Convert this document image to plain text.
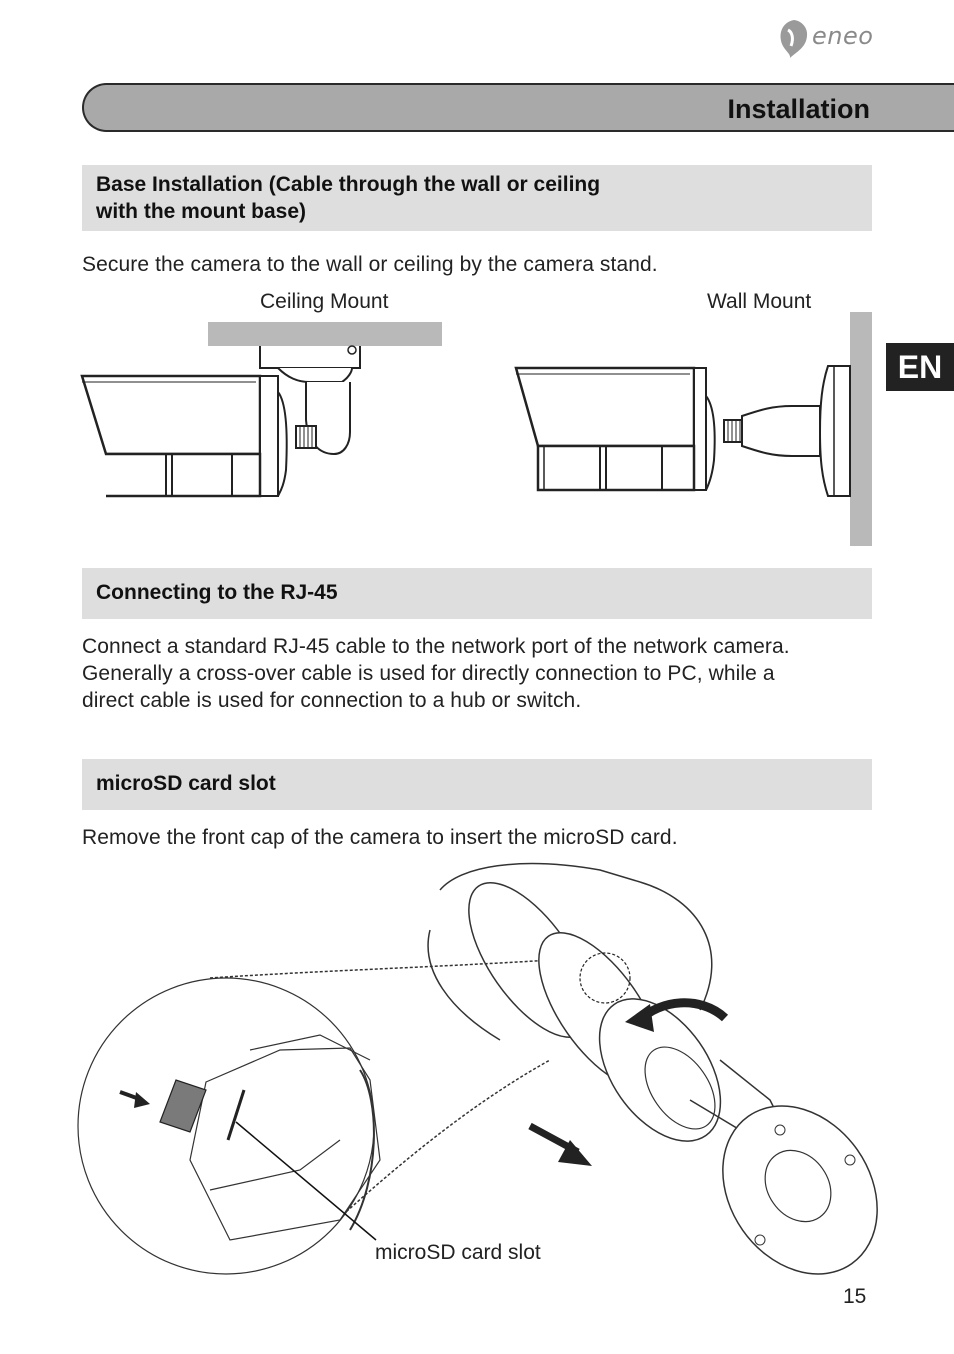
eneo
Installation
EN
Base Installation (Cable through the wall or ceiling
with the mount base)
Secure the camera to the wall or ceiling by the camera stand.
Ceiling Mount	Wall Mount
Connecting to the RJ-45
Connect a standard RJ-45 cable to the network port of the network camera.
Generally a cross-over cable is used for directly connection to PC, while a
direct cable is used for connection to a hub or switch.
microSD card slot
Remove the front cap of the camera to insert the microSD card.
microSD card slot
15
